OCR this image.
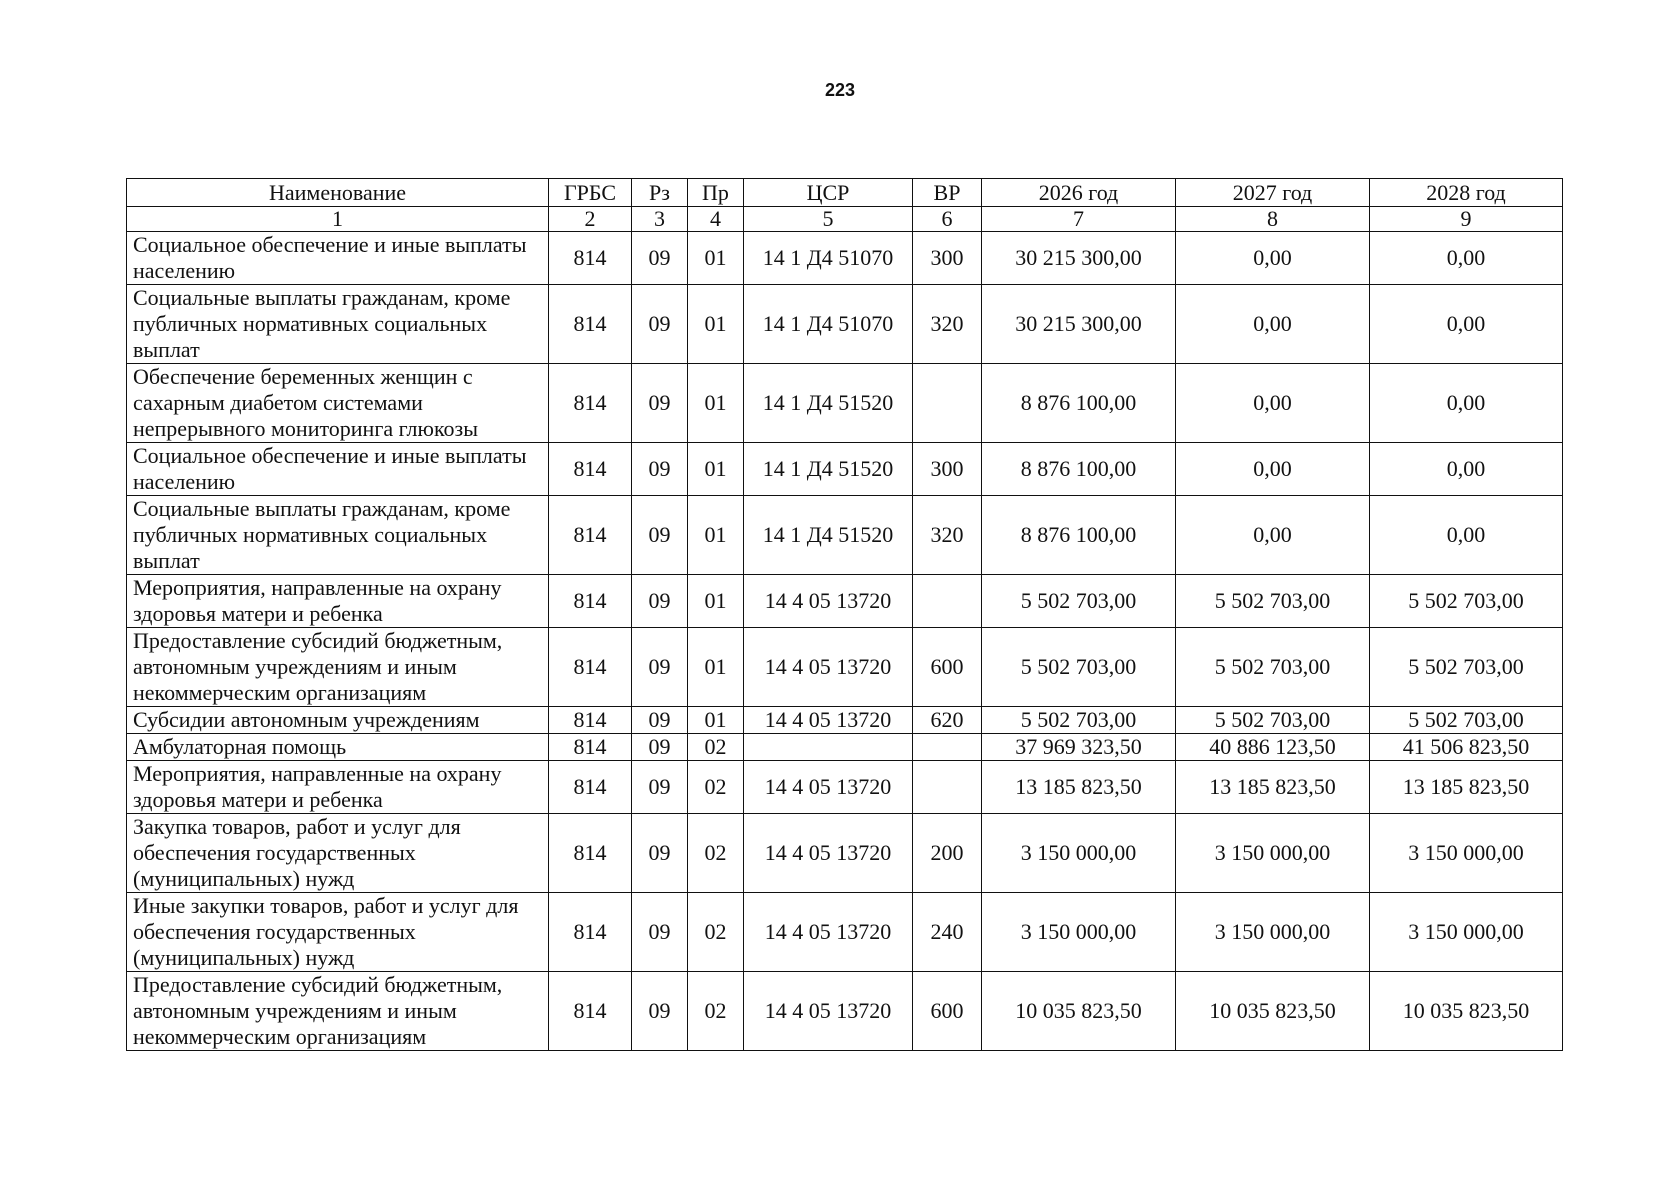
223
Наименование	ГРБС	Рз	Пр	ЦСР	ВР	2026 год	2027 год	2028 год
1	2	3	4	5	6	7	8	9
Социальное обеспечение и иные выплаты населению	814	09	01	14 1 Д4 51070	300	30 215 300,00	0,00	0,00
Социальные выплаты гражданам, кроме публичных нормативных социальных выплат	814	09	01	14 1 Д4 51070	320	30 215 300,00	0,00	0,00
Обеспечение беременных женщин с сахарным диабетом системами непрерывного мониторинга глюкозы	814	09	01	14 1 Д4 51520		8 876 100,00	0,00	0,00
Социальное обеспечение и иные выплаты населению	814	09	01	14 1 Д4 51520	300	8 876 100,00	0,00	0,00
Социальные выплаты гражданам, кроме публичных нормативных социальных выплат	814	09	01	14 1 Д4 51520	320	8 876 100,00	0,00	0,00
Мероприятия, направленные на охрану здоровья матери и ребенка	814	09	01	14 4 05 13720		5 502 703,00	5 502 703,00	5 502 703,00
Предоставление субсидий бюджетным, автономным учреждениям и иным некоммерческим организациям	814	09	01	14 4 05 13720	600	5 502 703,00	5 502 703,00	5 502 703,00
Субсидии автономным учреждениям	814	09	01	14 4 05 13720	620	5 502 703,00	5 502 703,00	5 502 703,00
Амбулаторная помощь	814	09	02			37 969 323,50	40 886 123,50	41 506 823,50
Мероприятия, направленные на охрану здоровья матери и ребенка	814	09	02	14 4 05 13720		13 185 823,50	13 185 823,50	13 185 823,50
Закупка товаров, работ и услуг для обеспечения государственных (муниципальных) нужд	814	09	02	14 4 05 13720	200	3 150 000,00	3 150 000,00	3 150 000,00
Иные закупки товаров, работ и услуг для обеспечения государственных (муниципальных) нужд	814	09	02	14 4 05 13720	240	3 150 000,00	3 150 000,00	3 150 000,00
Предоставление субсидий бюджетным, автономным учреждениям и иным некоммерческим организациям	814	09	02	14 4 05 13720	600	10 035 823,50	10 035 823,50	10 035 823,50
